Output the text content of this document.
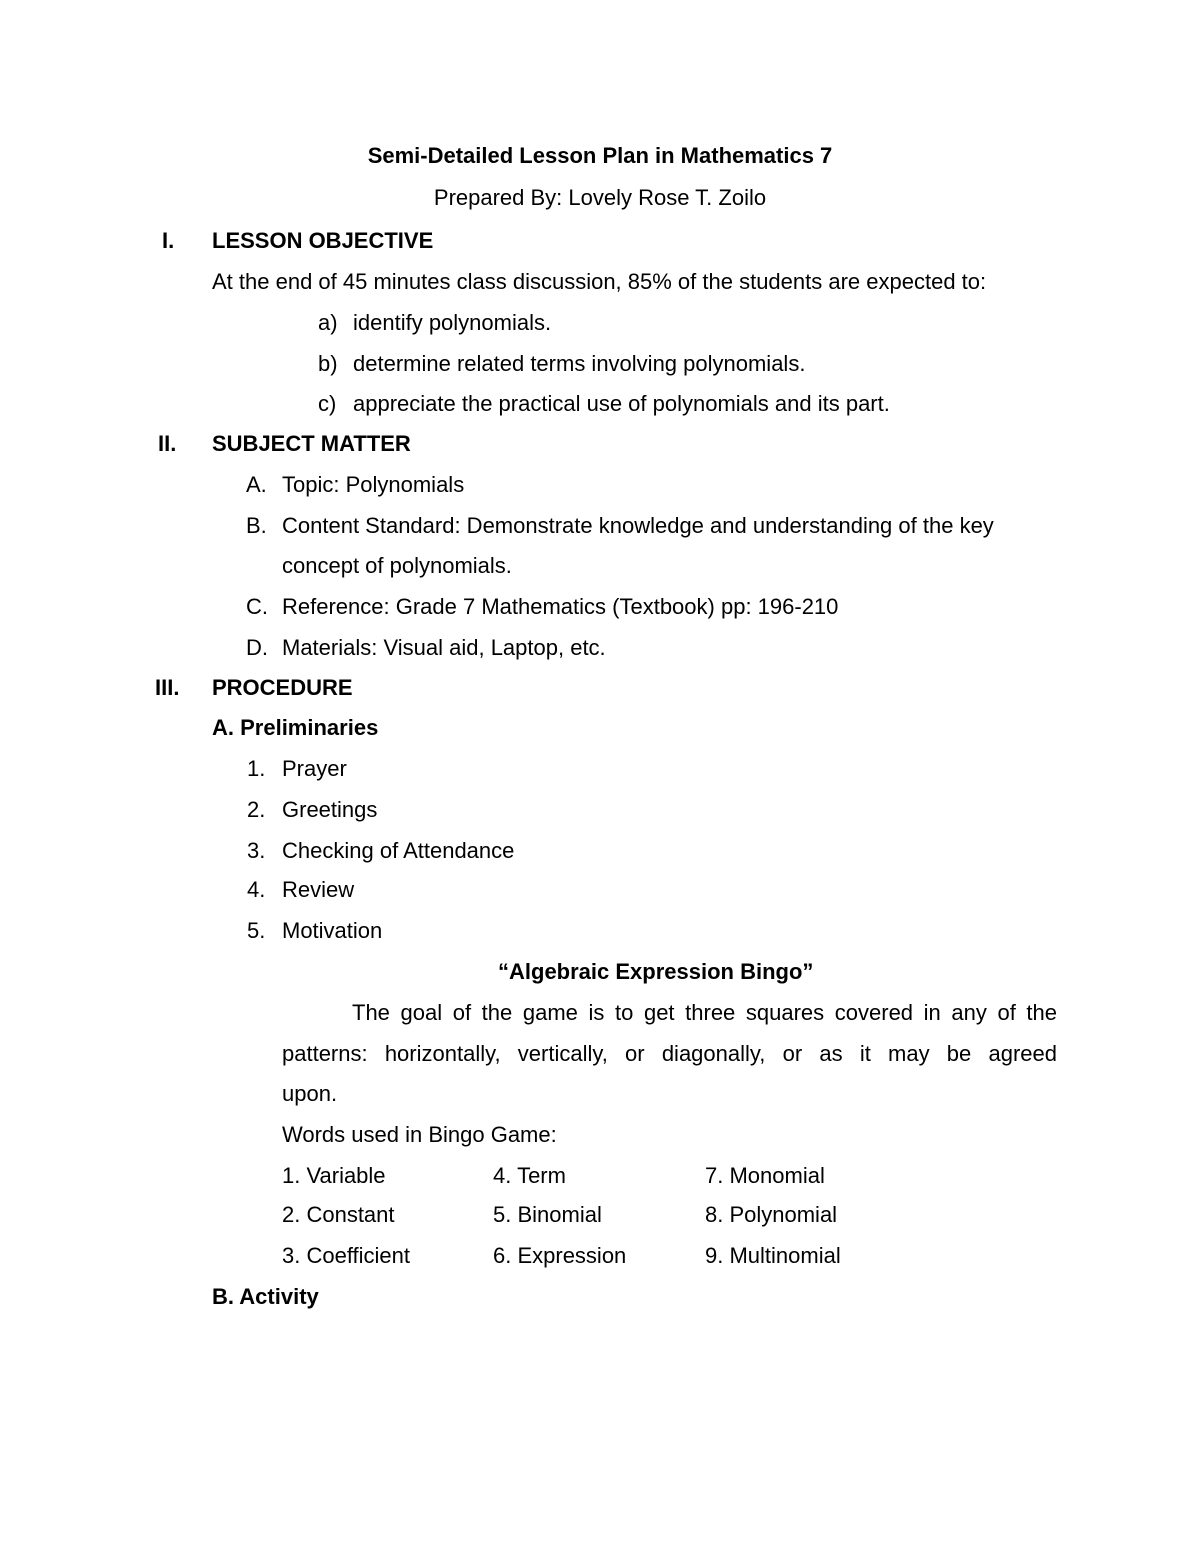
Semi-Detailed Lesson Plan in Mathematics 7
Prepared By: Lovely Rose T. Zoilo
I. LESSON OBJECTIVE
At the end of 45 minutes class discussion, 85% of the students are expected to:
a) identify polynomials.
b) determine related terms involving polynomials.
c) appreciate the practical use of polynomials and its part.
II. SUBJECT MATTER
A. Topic: Polynomials
B. Content Standard: Demonstrate knowledge and understanding of the key
concept of polynomials.
C. Reference: Grade 7 Mathematics (Textbook) pp: 196-210
D. Materials: Visual aid, Laptop, etc.
III. PROCEDURE
A. Preliminaries
1. Prayer
2. Greetings
3. Checking of Attendance
4. Review
5. Motivation
“Algebraic Expression Bingo”
The goal of the game is to get three squares covered in any of the
patterns: horizontally, vertically, or diagonally, or as it may be agreed
upon.
Words used in Bingo Game:
1. Variable	4. Term	7. Monomial
2. Constant	5. Binomial	8. Polynomial
3. Coefficient	6. Expression	9. Multinomial
B. Activity
